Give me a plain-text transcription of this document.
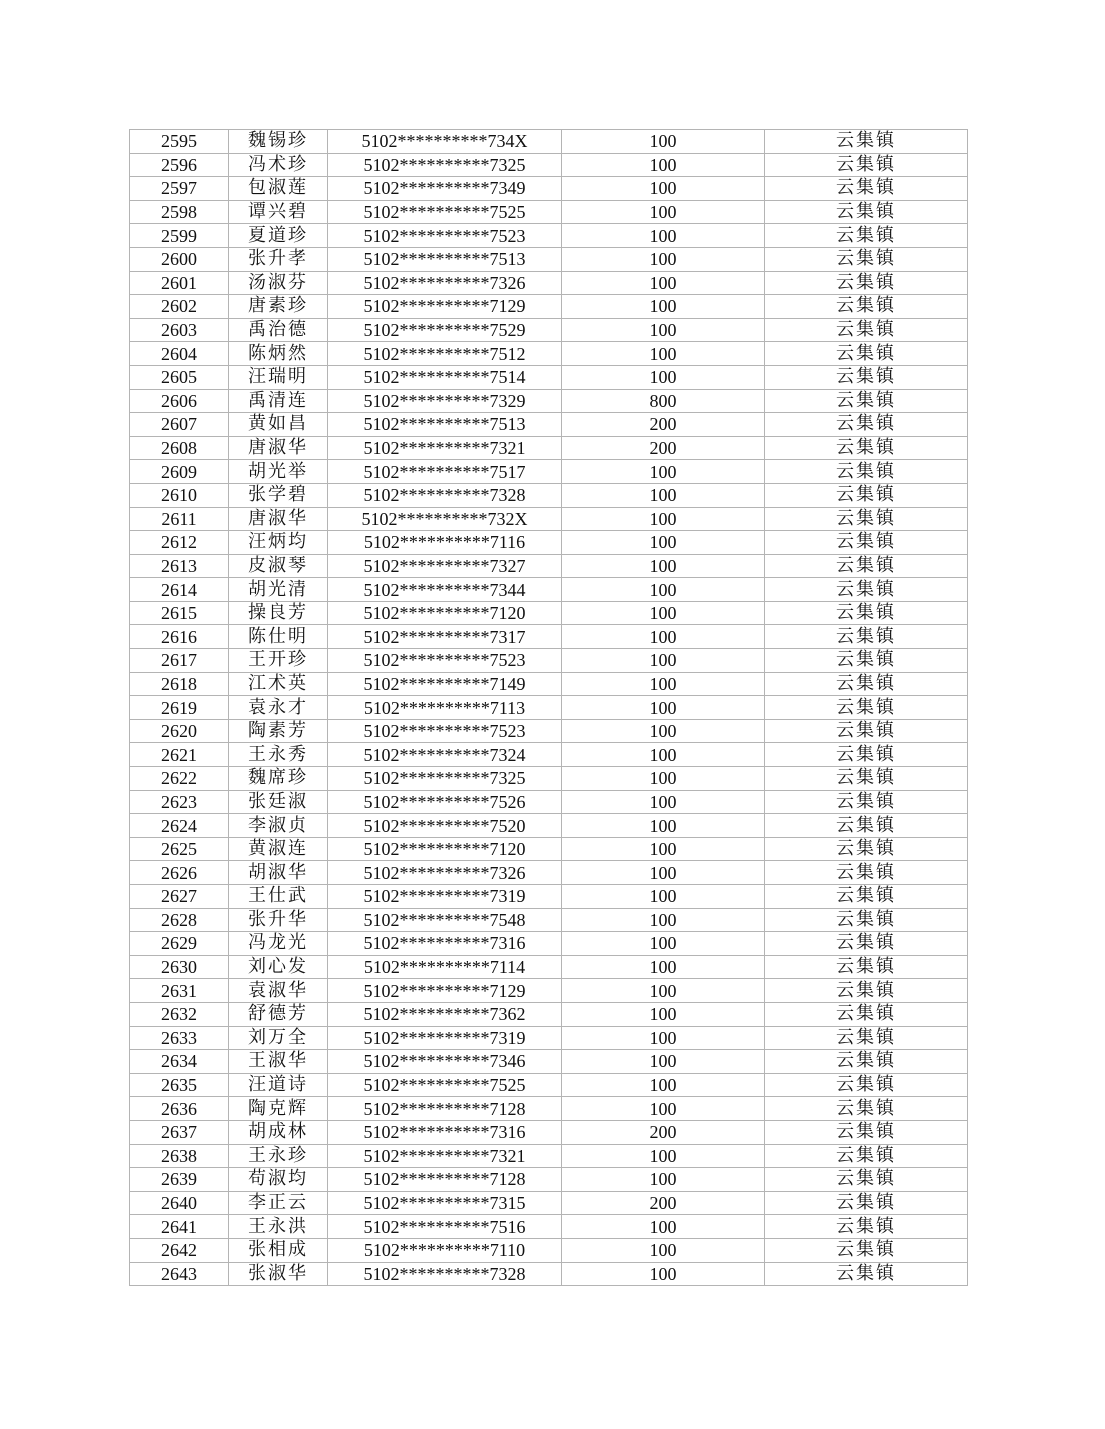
2595	魏锡珍	5102**********734X	100	云集镇
2596	冯术珍	5102**********7325	100	云集镇
2597	包淑莲	5102**********7349	100	云集镇
2598	谭兴碧	5102**********7525	100	云集镇
2599	夏道珍	5102**********7523	100	云集镇
2600	张升孝	5102**********7513	100	云集镇
2601	汤淑芬	5102**********7326	100	云集镇
2602	唐素珍	5102**********7129	100	云集镇
2603	禹治德	5102**********7529	100	云集镇
2604	陈炳然	5102**********7512	100	云集镇
2605	汪瑞明	5102**********7514	100	云集镇
2606	禹清连	5102**********7329	800	云集镇
2607	黄如昌	5102**********7513	200	云集镇
2608	唐淑华	5102**********7321	200	云集镇
2609	胡光举	5102**********7517	100	云集镇
2610	张学碧	5102**********7328	100	云集镇
2611	唐淑华	5102**********732X	100	云集镇
2612	汪炳均	5102**********7116	100	云集镇
2613	皮淑琴	5102**********7327	100	云集镇
2614	胡光清	5102**********7344	100	云集镇
2615	操良芳	5102**********7120	100	云集镇
2616	陈仕明	5102**********7317	100	云集镇
2617	王开珍	5102**********7523	100	云集镇
2618	江术英	5102**********7149	100	云集镇
2619	袁永才	5102**********7113	100	云集镇
2620	陶素芳	5102**********7523	100	云集镇
2621	王永秀	5102**********7324	100	云集镇
2622	魏席珍	5102**********7325	100	云集镇
2623	张廷淑	5102**********7526	100	云集镇
2624	李淑贞	5102**********7520	100	云集镇
2625	黄淑连	5102**********7120	100	云集镇
2626	胡淑华	5102**********7326	100	云集镇
2627	王仕武	5102**********7319	100	云集镇
2628	张升华	5102**********7548	100	云集镇
2629	冯龙光	5102**********7316	100	云集镇
2630	刘心发	5102**********7114	100	云集镇
2631	袁淑华	5102**********7129	100	云集镇
2632	舒德芳	5102**********7362	100	云集镇
2633	刘万全	5102**********7319	100	云集镇
2634	王淑华	5102**********7346	100	云集镇
2635	汪道诗	5102**********7525	100	云集镇
2636	陶克辉	5102**********7128	100	云集镇
2637	胡成林	5102**********7316	200	云集镇
2638	王永珍	5102**********7321	100	云集镇
2639	苟淑均	5102**********7128	100	云集镇
2640	李正云	5102**********7315	200	云集镇
2641	王永洪	5102**********7516	100	云集镇
2642	张相成	5102**********7110	100	云集镇
2643	张淑华	5102**********7328	100	云集镇
